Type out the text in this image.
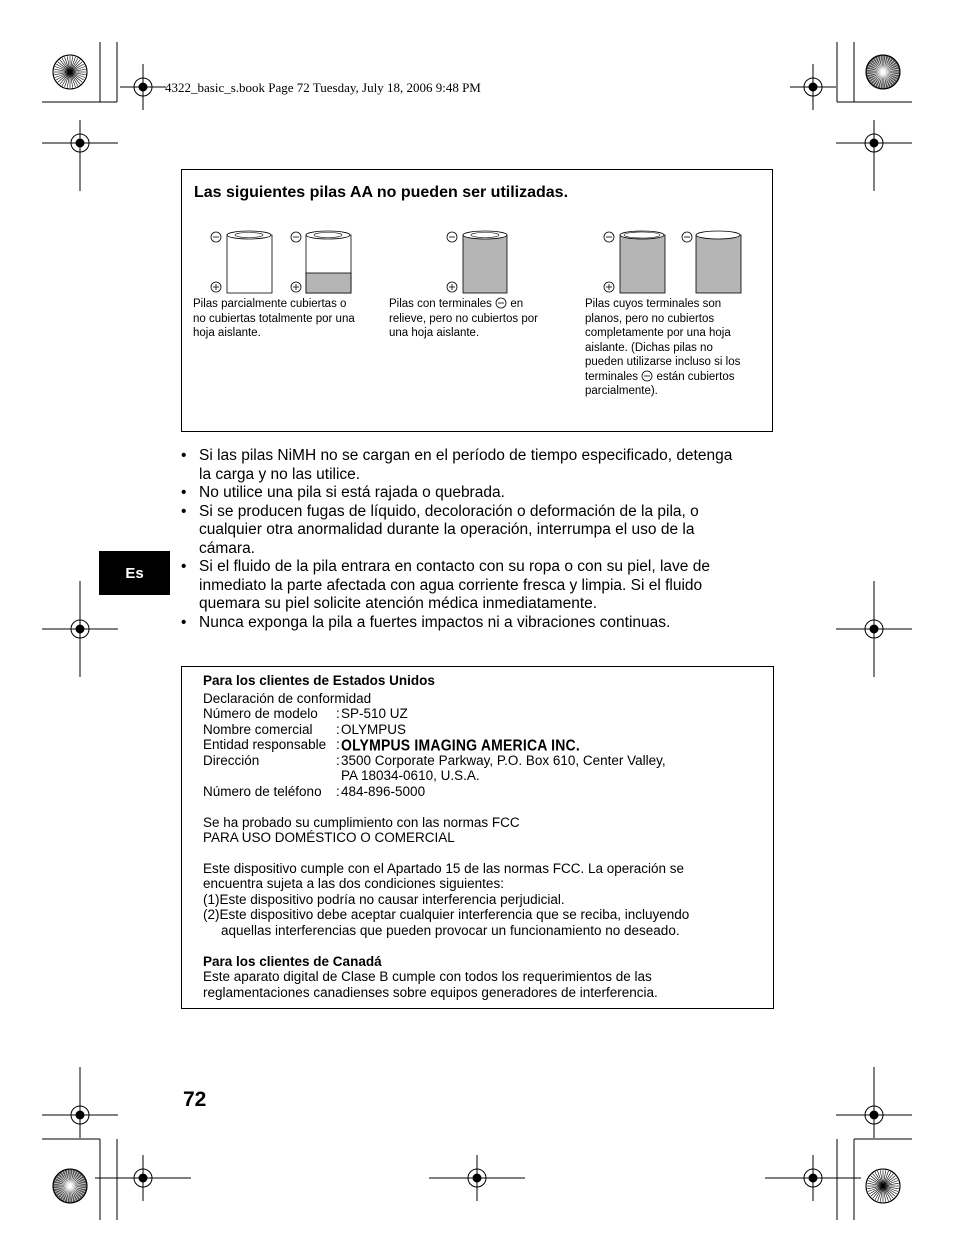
4322_basic_s.book Page 72 Tuesday, July 18, 2006 9:48 PM
Las siguientes pilas AA no pueden ser utilizadas.
Pilas parcialmente cubiertas o
no cubiertas totalmente por una
hoja aislante.
Pilas con terminales en
relieve, pero no cubiertos por
una hoja aislante.
Pilas cuyos terminales son
planos, pero no cubiertos
completamente por una hoja
aislante. (Dichas pilas no
pueden utilizarse incluso si los
terminales están cubiertos
parcialmente).
• Si las pilas NiMH no se cargan en el período de tiempo especificado, detenga
la carga y no las utilice.
• No utilice una pila si está rajada o quebrada.
• Si se producen fugas de líquido, decoloración o deformación de la pila, o
cualquier otra anormalidad durante la operación, interrumpa el uso de la
cámara.
• Si el fluido de la pila entrara en contacto con su ropa o con su piel, lave de
inmediato la parte afectada con agua corriente fresca y limpia. Si el fluido
quemara su piel solicite atención médica inmediatamente.
• Nunca exponga la pila a fuertes impactos ni a vibraciones continuas.
Es
Para los clientes de Estados Unidos
Declaración de conformidad
Número de modelo : SP-510 UZ
Nombre comercial : OLYMPUS
Entidad responsable : OLYMPUS IMAGING AMERICA INC.
Dirección	: 3500 Corporate Parkway, P.O. Box 610, Center Valley,
PA 18034-0610, U.S.A.
Número de teléfono : 484-896-5000
Se ha probado su cumplimiento con las normas FCC
PARA USO DOMÉSTICO O COMERCIAL
Este dispositivo cumple con el Apartado 15 de las normas FCC. La operación se
encuentra sujeta a las dos condiciones siguientes:
(1)Este dispositivo podría no causar interferencia perjudicial.
(2)Este dispositivo debe aceptar cualquier interferencia que se reciba, incluyendo
aquellas interferencias que pueden provocar un funcionamiento no deseado.
Para los clientes de Canadá
Este aparato digital de Clase B cumple con todos los requerimientos de las
reglamentaciones canadienses sobre equipos generadores de interferencia.
72
